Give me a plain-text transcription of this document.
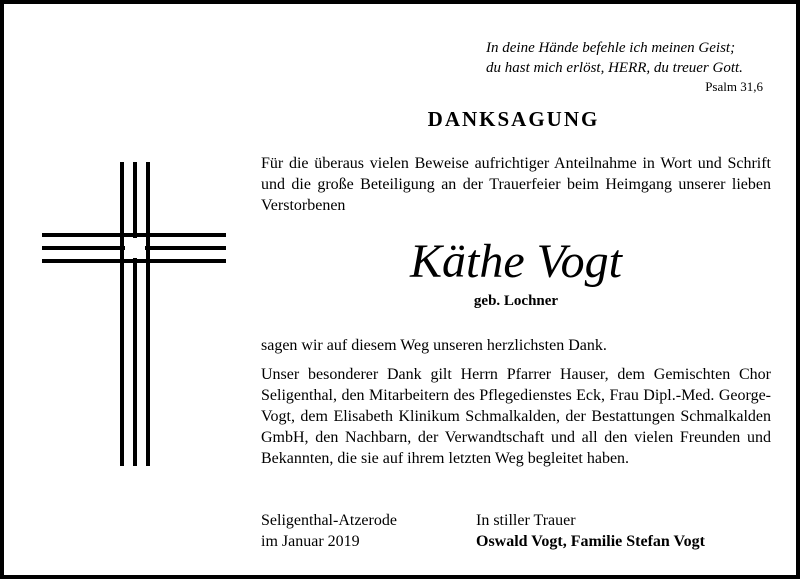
In deine Hände befehle ich meinen Geist;
du hast mich erlöst, HERR, du treuer Gott.
Psalm 31,6
DANKSAGUNG
Für die überaus vielen Beweise aufrichtiger Anteilnahme in Wort und Schrift und die große Beteiligung an der Trauerfeier beim Heimgang unserer lieben Verstorbenen
Käthe Vogt
geb. Lochner
sagen wir auf diesem Weg unseren herzlichsten Dank.
Unser besonderer Dank gilt Herrn Pfarrer Hauser, dem Gemischten Chor Seligenthal, den Mitarbeitern des Pflegedienstes Eck, Frau Dipl.-Med. George-Vogt, dem Elisabeth Klinikum Schmalkalden, der Bestattungen Schmalkalden GmbH, den Nachbarn, der Verwandtschaft und all den vielen Freunden und Bekannten, die sie auf ihrem letzten Weg begleitet haben.
Seligenthal-Atzerode
im Januar 2019
In stiller Trauer
Oswald Vogt, Familie Stefan Vogt
